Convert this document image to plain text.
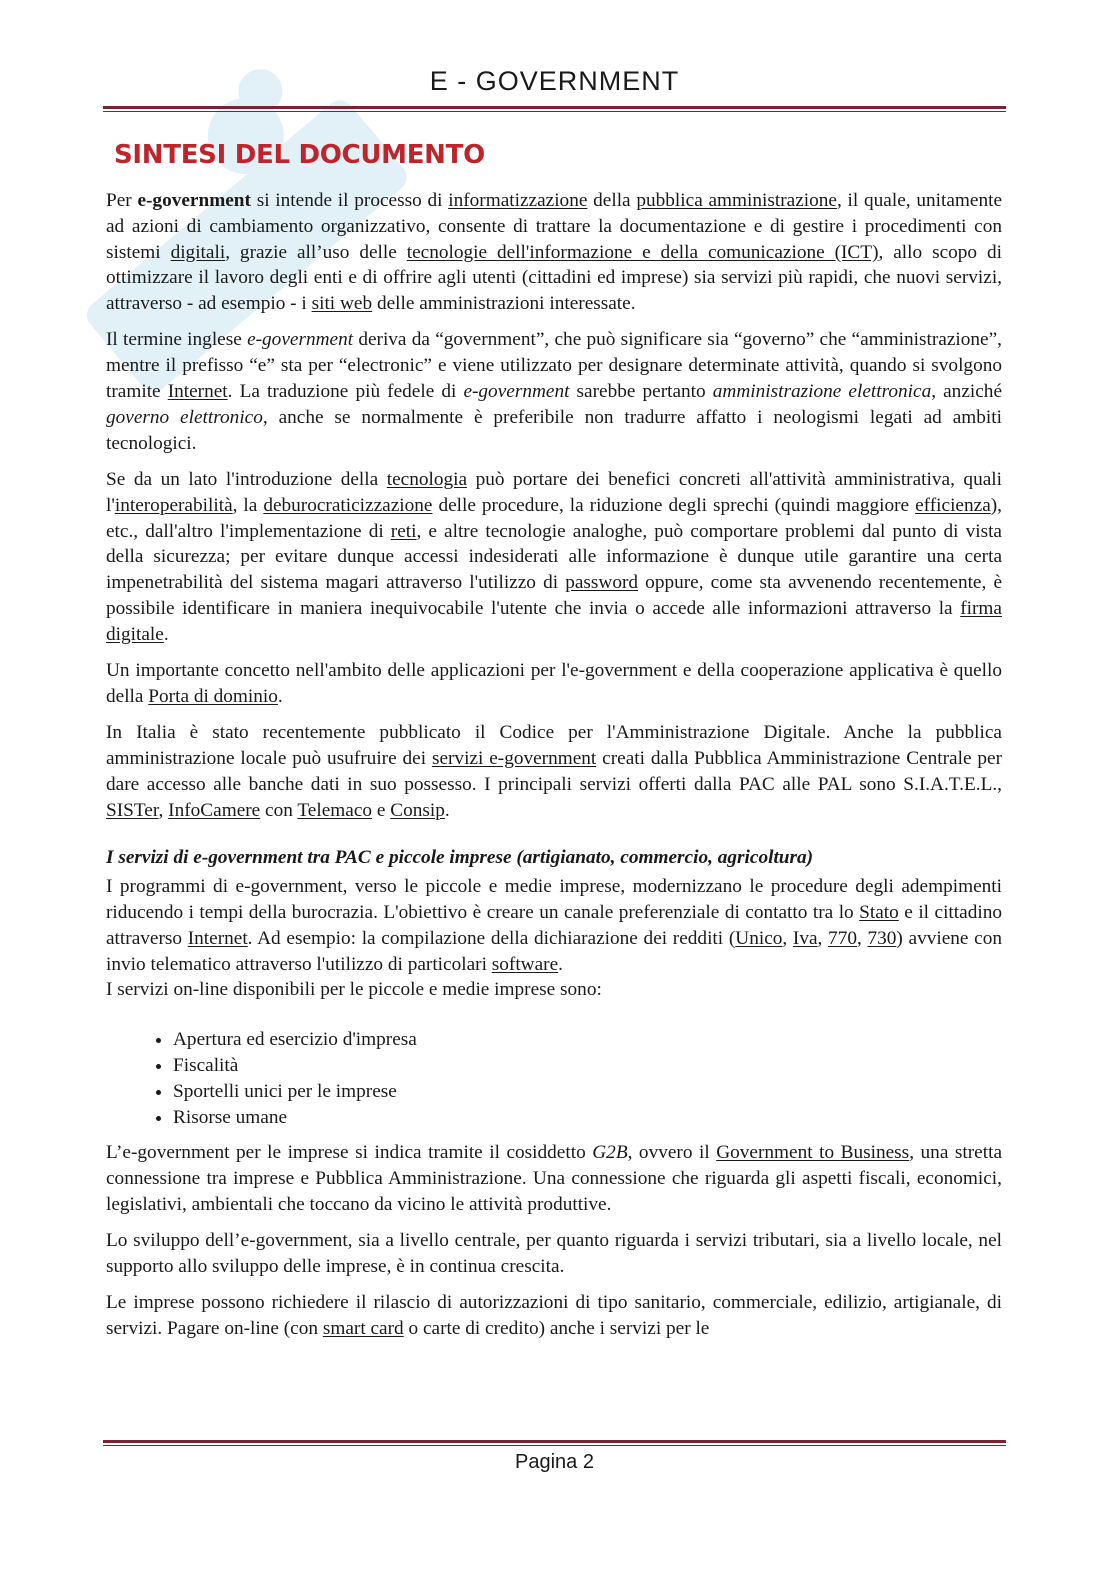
E - GOVERNMENT
SINTESI DEL DOCUMENTO

Per e-government si intende il processo di informatizzazione della pubblica amministrazione, il quale, unitamente ad azioni di cambiamento organizzativo, consente di trattare la documentazione e di gestire i procedimenti con sistemi digitali, grazie all’uso delle tecnologie dell'informazione e della comunicazione (ICT), allo scopo di ottimizzare il lavoro degli enti e di offrire agli utenti (cittadini ed imprese) sia servizi più rapidi, che nuovi servizi, attraverso - ad esempio - i siti web delle amministrazioni interessate.

Il termine inglese e-government deriva da “government”, che può significare sia “governo” che “amministrazione”, mentre il prefisso “e” sta per “electronic” e viene utilizzato per designare determinate attività, quando si svolgono tramite Internet. La traduzione più fedele di e-government sarebbe pertanto amministrazione elettronica, anziché governo elettronico, anche se normalmente è preferibile non tradurre affatto i neologismi legati ad ambiti tecnologici.

Se da un lato l'introduzione della tecnologia può portare dei benefici concreti all'attività amministrativa, quali l'interoperabilità, la deburocraticizzazione delle procedure, la riduzione degli sprechi (quindi maggiore efficienza), etc., dall'altro l'implementazione di reti, e altre tecnologie analoghe, può comportare problemi dal punto di vista della sicurezza; per evitare dunque accessi indesiderati alle informazione è dunque utile garantire una certa impenetrabilità del sistema magari attraverso l'utilizzo di password oppure, come sta avvenendo recentemente, è possibile identificare in maniera inequivocabile l'utente che invia o accede alle informazioni attraverso la firma digitale.

Un importante concetto nell'ambito delle applicazioni per l'e-government e della cooperazione applicativa è quello della Porta di dominio.

In Italia è stato recentemente pubblicato il Codice per l'Amministrazione Digitale. Anche la pubblica amministrazione locale può usufruire dei servizi e-government creati dalla Pubblica Amministrazione Centrale per dare accesso alle banche dati in suo possesso. I principali servizi offerti dalla PAC alle PAL sono S.I.A.T.E.L., SISTer, InfoCamere con Telemaco e Consip.

I servizi di e-government tra PAC e piccole imprese (artigianato, commercio, agricoltura)

I programmi di e-government, verso le piccole e medie imprese, modernizzano le procedure degli adempimenti riducendo i tempi della burocrazia. L'obiettivo è creare un canale preferenziale di contatto tra lo Stato e il cittadino attraverso Internet. Ad esempio: la compilazione della dichiarazione dei redditi (Unico, Iva, 770, 730) avviene con invio telematico attraverso l'utilizzo di particolari software.

I servizi on-line disponibili per le piccole e medie imprese sono:

• Apertura ed esercizio d'impresa
• Fiscalità
• Sportelli unici per le imprese
• Risorse umane

L’e-government per le imprese si indica tramite il cosiddetto G2B, ovvero il Government to Business, una stretta connessione tra imprese e Pubblica Amministrazione. Una connessione che riguarda gli aspetti fiscali, economici, legislativi, ambientali che toccano da vicino le attività produttive.

Lo sviluppo dell’e-government, sia a livello centrale, per quanto riguarda i servizi tributari, sia a livello locale, nel supporto allo sviluppo delle imprese, è in continua crescita.

Le imprese possono richiedere il rilascio di autorizzazioni di tipo sanitario, commerciale, edilizio, artigianale, di servizi. Pagare on-line (con smart card o carte di credito) anche i servizi per le

Pagina 2
